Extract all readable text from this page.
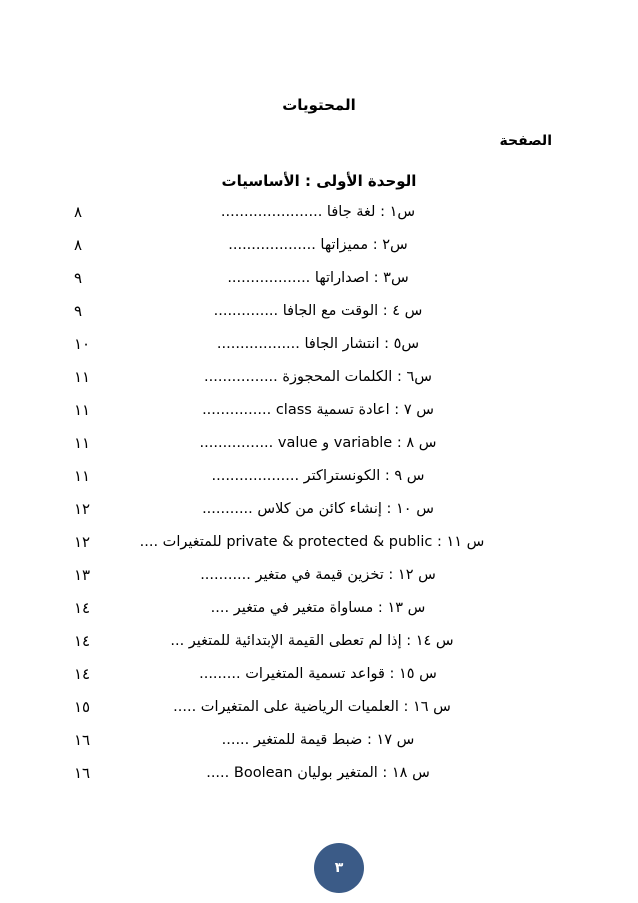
المحتويات
الصفحة
الوحدة الأولى : الأساسيات
س١ : لغة جافا ......................
٨
س٢ : مميزاتها ...................
٨
س٣ : اصداراتها ..................
٩
س ٤ : الوقت مع الجافا ..............
٩
س٥ : انتشار الجافا ..................
١٠
س٦ : الكلمات المحجوزة ................
١١
س ٧ : اعادة تسمية class ...............
١١
س ٨ : variable و value ................
١١
س ٩ : الكونستراكتر ...................
١١
س ١٠ : إنشاء كائن من كلاس ...........
١٢
س ١١ : private & protected & public للمتغيرات ....
١٢
س ١٢ : تخزين قيمة في متغير ...........
١٣
س ١٣ : مساواة متغير في متغير ....
١٤
س ١٤ : إذا لم تعطى القيمة الإبتدائية للمتغير ...
١٤
س ١٥ : قواعد تسمية المتغيرات .........
١٤
س ١٦ : العلميات الرياضية على المتغيرات .....
١٥
س ١٧ : ضبط قيمة للمتغير ......
١٦
س ١٨ : المتغير بوليان Boolean .....
١٦
٣
